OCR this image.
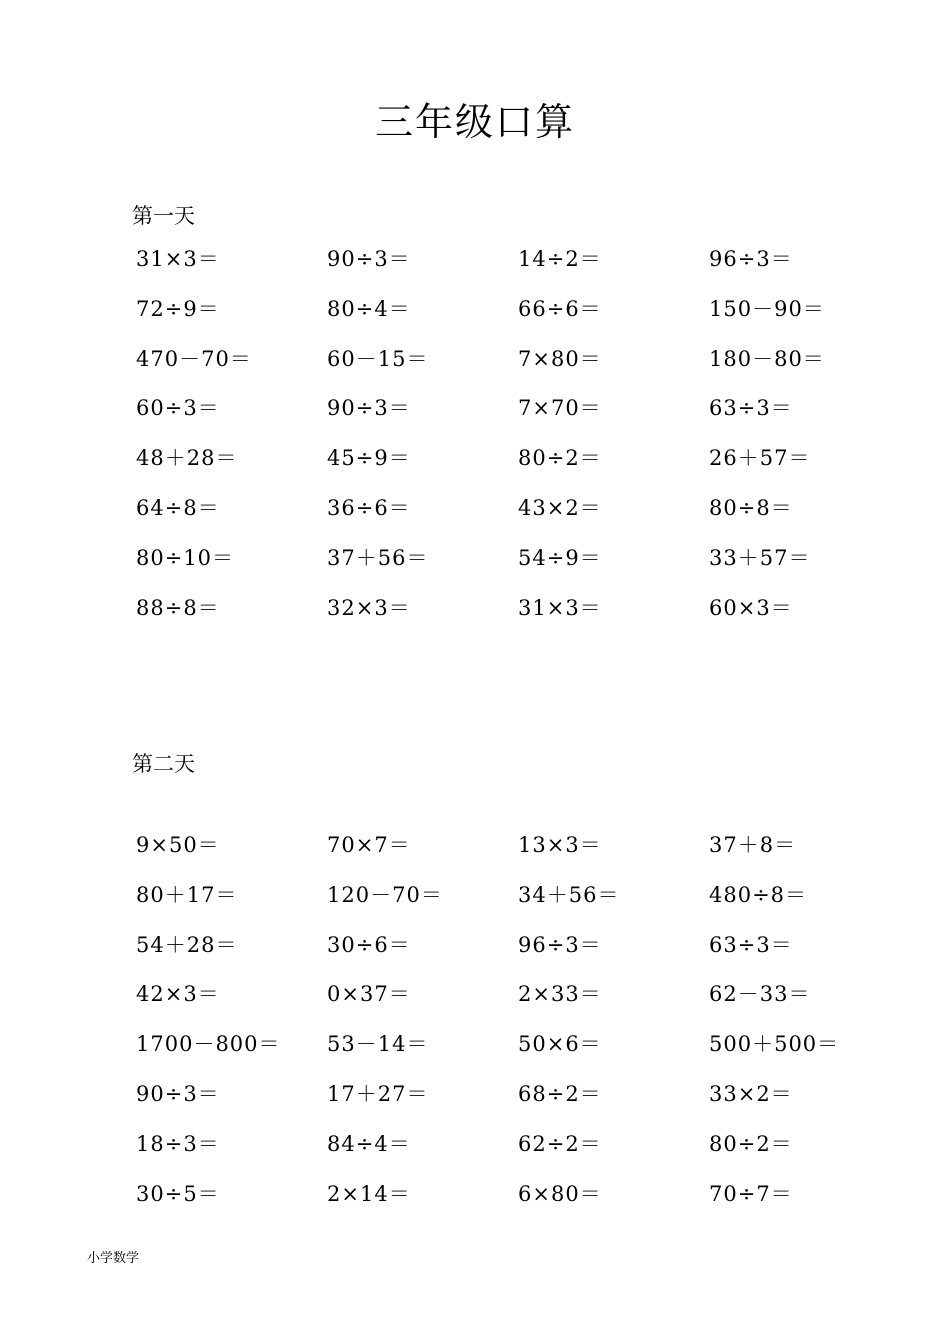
三年级口算
第一天
31×3＝	90÷3＝	14÷2＝	96÷3＝
72÷9＝	80÷4＝	66÷6＝	150－90＝
470－70＝	60－15＝	7×80＝	180－80＝
60÷3＝	90÷3＝	7×70＝	63÷3＝
48＋28＝	45÷9＝	80÷2＝	26＋57＝
64÷8＝	36÷6＝	43×2＝	80÷8＝
80÷10＝	37＋56＝	54÷9＝	33＋57＝
88÷8＝	32×3＝	31×3＝	60×3＝
第二天
9×50＝	70×7＝	13×3＝	37＋8＝
80＋17＝	120－70＝	34＋56＝	480÷8＝
54＋28＝	30÷6＝	96÷3＝	63÷3＝
42×3＝	0×37＝	2×33＝	62－33＝
1700－800＝	53－14＝	50×6＝	500＋500＝
90÷3＝	17＋27＝	68÷2＝	33×2＝
18÷3＝	84÷4＝	62÷2＝	80÷2＝
30÷5＝	2×14＝	6×80＝	70÷7＝
小学数学
